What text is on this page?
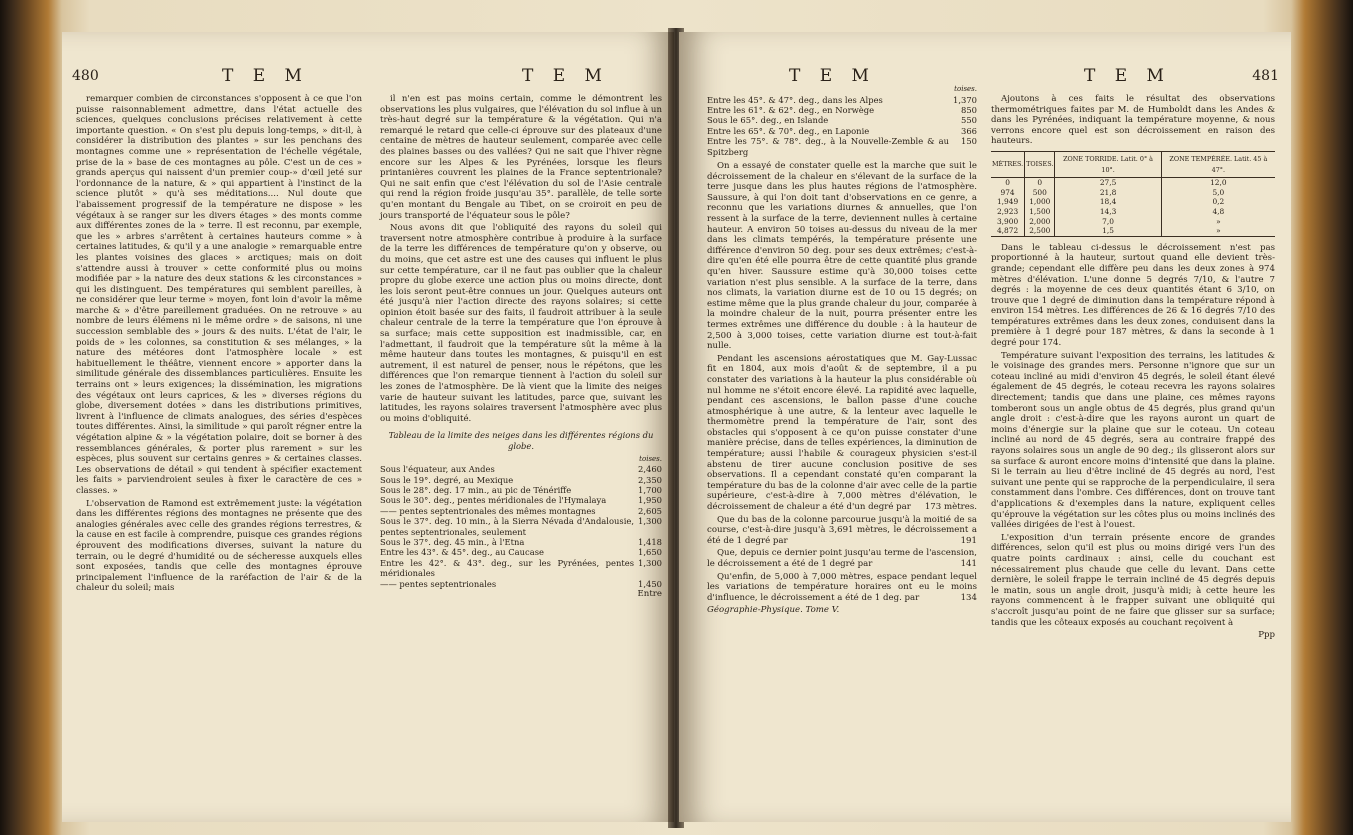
480	T E M	T E M

remarquer combien de circonstances s'opposent à ce que l'on puisse raisonnablement admettre, dans l'état actuelle des sciences, quelques conclusions précises relativement à cette importante question. « On s'est plu depuis long-temps, » dit-il, à considérer la distribution des plantes » sur les penchans des montagnes comme une » représentation de l'échelle végétale, prise de la » base de ces montagnes au pôle. C'est un de ces » grands aperçus qui naissent d'un premier coup-» d'œil jeté sur l'ordonnance de la nature, & » qui appartient à l'instinct de la science plutôt » qu'à ses méditations.... Nul doute que l'abaissement progressif de la température ne dispose » les végétaux à se ranger sur les divers étages » des monts comme aux différentes zones de la » terre. Il est reconnu, par exemple, que les » arbres s'arrêtent à certaines hauteurs comme » à certaines latitudes, & qu'il y a une analogie » remarquable entre les plantes voisines des glaces » arctiques; mais on doit s'attendre aussi à trouver » cette conformité plus ou moins modifiée par » la nature des deux stations & les circonstances » qui les distinguent. Des températures qui semblent pareilles, à ne considérer que leur terme » moyen, font loin d'avoir la même marche & » d'être pareillement graduées. On ne retrouve » au nombre de leurs élémens ni le même ordre » de saisons, ni une succession semblable des » jours & des nuits. L'état de l'air, le poids de » les colonnes, sa constitution & ses mélanges, » la nature des météores dont l'atmosphère locale » est habituellement le théâtre, viennent encore » apporter dans la similitude générale des dissemblances particulières. Ensuite les terrains ont » leurs exigences; la dissémination, les migrations des végétaux ont leurs caprices, & les » diverses régions du globe, diversement dotées » dans les distributions primitives, livrent à l'influence de climats analogues, des séries d'espèces toutes différentes. Ainsi, la similitude » qui paroît régner entre la végétation alpine & » la végétation polaire, doit se borner à des ressemblances générales, & porter plus rarement » sur les espèces, plus souvent sur certains genres » & certaines classes. Les observations de détail » qui tendent à spécifier exactement les faits » parviendroient seules à fixer le caractère de ces » classes. »

L'observation de Ramond est extrêmement juste: la végétation dans les différentes régions des montagnes ne présente que des analogies générales avec celle des grandes régions terrestres, & la cause en est facile à comprendre, puisque ces grandes régions éprouvent des modifications diverses, suivant la nature du terrain, ou le degré d'humidité ou de sécheresse auxquels elles sont exposées, tandis que celle des montagnes éprouve principalement l'influence de la raréfaction de l'air & de la chaleur du soleil; mais

il n'en est pas moins certain, comme le démontrent les observations les plus vulgaires, que l'élévation du sol influe à un très-haut degré sur la température & la végétation. Qui n'a remarqué le retard que celle-ci éprouve sur des plateaux d'une centaine de mètres de hauteur seulement, comparée avec celle des plaines basses ou des vallées? Qui ne sait que l'hiver règne encore sur les Alpes & les Pyrénées, lorsque les fleurs printanières couvrent les plaines de la France septentrionale? Qui ne sait enfin que c'est l'élévation du sol de l'Asie centrale qui rend la région froide jusqu'au 35°. parallèle, de telle sorte qu'en montant du Bengale au Tibet, on se croiroit en peu de jours transporté de l'équateur sous le pôle?

Nous avons dit que l'obliquité des rayons du soleil qui traversent notre atmosphère contribue à produire à la surface de la terre les différences de température qu'on y observe, ou du moins, que cet astre est une des causes qui influent le plus sur cette température, car il ne faut pas oublier que la chaleur propre du globe exerce une action plus ou moins directe, dont les lois seront peut-être connues un jour. Quelques auteurs ont été jusqu'à nier l'action directe des rayons solaires; si cette opinion étoit basée sur des faits, il faudroit attribuer à la seule chaleur centrale de la terre la température que l'on éprouve à sa surface; mais cette supposition est inadmissible, car, en l'admettant, il faudroit que la température sût la même à la même hauteur dans toutes les montagnes, & puisqu'il en est autrement, il est naturel de penser, nous le répétons, que les différences que l'on remarque tiennent à l'action du soleil sur les zones de l'atmosphère. De là vient que la limite des neiges varie de hauteur suivant les latitudes, parce que, suivant les latitudes, les rayons solaires traversent l'atmosphère avec plus ou moins d'obliquité.

Tableau de la limite des neiges dans les différentes régions du globe.
toises.
Sous l'équateur, aux Andes	2,460
Sous le 19°. degré, au Mexique	2,350
Sous le 28°. deg. 17 min., au pic de Ténériffe	1,700
Sous le 30°. deg., pentes méridionales de l'Hymalaya	1,950
—— pentes septentrionales des mêmes montagnes	2,605
Sous le 37°. deg. 10 min., à la Sierra Névada d'Andalousie, pentes septentrionales, seulement	1,300
Sous le 37°. deg. 45 min., à l'Etna	1,418
Entre les 43°. & 45°. deg., au Caucase	1,650
Entre les 42°. & 43°. deg., sur les Pyrénées, pentes méridionales	1,300
—— pentes septentrionales	1,450
Entre
T E M	T E M	481
toises.
Entre les 45°. & 47°. deg., dans les Alpes	1,370
Entre les 61°. & 62°. deg., en Norwège	850
Sous le 65°. deg., en Islande	550
Entre les 65°. & 70°. deg., en Laponie	366
Entre les 75°. & 78°. deg., à la Nouvelle-Zemble & au Spitzberg	150

On a essayé de constater quelle est la marche que suit le décroissement de la chaleur en s'élevant de la surface de la terre jusque dans les plus hautes régions de l'atmosphère. Saussure, à qui l'on doit tant d'observations en ce genre, a reconnu que les variations diurnes & annuelles, que l'on ressent à la surface de la terre, deviennent nulles à certaine hauteur. A environ 50 toises au-dessus du niveau de la mer dans les climats tempérés, la température présente une différence d'environ 50 deg. pour ses deux extrêmes; c'est-à-dire qu'en été elle pourra être de cette quantité plus grande qu'en hiver. Saussure estime qu'à 30,000 toises cette variation n'est plus sensible. A la surface de la terre, dans nos climats, la variation diurne est de 10 ou 15 degrés; on estime même que la plus grande chaleur du jour, comparée à la moindre chaleur de la nuit, pourra présenter entre les termes extrêmes une différence du double : à la hauteur de 2,500 à 3,000 toises, cette variation diurne est tout-à-fait nulle.

Pendant les ascensions aérostatiques que M. Gay-Lussac fit en 1804, aux mois d'août & de septembre, il a pu constater des variations à la hauteur la plus considérable où nul homme ne s'étoit encore élevé. La rapidité avec laquelle, pendant ces ascensions, le ballon passe d'une couche atmosphérique à une autre, & la lenteur avec laquelle le thermomètre prend la température de l'air, sont des obstacles qui s'opposent à ce qu'on puisse constater d'une manière précise, dans de telles expériences, la diminution de température; aussi l'habile & courageux physicien s'est-il abstenu de tirer aucune conclusion positive de ses observations. Il a cependant constaté qu'en comparant la température du bas de la colonne d'air avec celle de la partie supérieure, c'est-à-dire à 7,000 mètres d'élévation, le décroissement de chaleur a été d'un degré par	173 mètres.

Que du bas de la colonne parcourue jusqu'à la moitié de sa course, c'est-à-dire jusqu'à 3,691 mètres, le décroissement a été de 1 degré par	191

Que, depuis ce dernier point jusqu'au terme de l'ascension, le décroissement a été de 1 degré par	141

Qu'enfin, de 5,000 à 7,000 mètres, espace pendant lequel les variations de température horaires ont eu le moins d'influence, le décroissement a été de 1 deg. par	134

Géographie-Physique. Tome V.

Ajoutons à ces faits le résultat des observations thermométriques faites par M. de Humboldt dans les Andes & dans les Pyrénées, indiquant la température moyenne, & nous verrons encore quel est son décroissement en raison des hauteurs.

MÈTRES.	TOISES.	ZONE TORRIDE. Latit. 0° à 10°.	ZONE TEMPÉRÉE. Latit. 45 à 47°.
0	0	27,5	12,0
974	500	21,8	5,0
1,949	1,000	18,4	0,2
2,923	1,500	14,3	4,8
3,900	2,000	7,0	»
4,872	2,500	1,5	»

Dans le tableau ci-dessus le décroissement n'est pas proportionné à la hauteur, surtout quand elle devient très-grande; cependant elle diffère peu dans les deux zones à 974 mètres d'élévation. L'une donne 5 degrés 7/10, & l'autre 7 degrés : la moyenne de ces deux quantités étant 6 3/10, on trouve que 1 degré de diminution dans la température répond à environ 154 mètres. Les différences de 26 & 16 degrés 7/10 des températures extrêmes dans les deux zones, conduisent dans la première à 1 degré pour 187 mètres, & dans la seconde à 1 degré pour 174.

Température suivant l'exposition des terrains, les latitudes & le voisinage des grandes mers. Personne n'ignore que sur un coteau incliné au midi d'environ 45 degrés, le soleil étant élevé également de 45 degrés, le coteau recevra les rayons solaires directement; tandis que dans une plaine, ces mêmes rayons tomberont sous un angle obtus de 45 degrés, plus grand qu'un angle droit : c'est-à-dire que les rayons auront un quart de moins d'énergie sur la plaine que sur le coteau. Un coteau incliné au nord de 45 degrés, sera au contraire frappé des rayons solaires sous un angle de 90 deg.; ils glisseront alors sur sa surface & auront encore moins d'intensité que dans la plaine. Si le terrain au lieu d'être incliné de 45 degrés au nord, l'est suivant une pente qui se rapproche de la perpendiculaire, il sera constamment dans l'ombre. Ces différences, dont on trouve tant d'applications & d'exemples dans la nature, expliquent celles qu'éprouve la végétation sur les côtes plus ou moins inclinés des vallées dirigées de l'est à l'ouest.

L'exposition d'un terrain présente encore de grandes différences, selon qu'il est plus ou moins dirigé vers l'un des quatre points cardinaux : ainsi, celle du couchant est nécessairement plus chaude que celle du levant. Dans cette dernière, le soleil frappe le terrain incliné de 45 degrés depuis le matin, sous un angle droit, jusqu'à midi; à cette heure les rayons commencent à le frapper suivant une obliquité qui s'accroît jusqu'au point de ne faire que glisser sur sa surface; tandis que les côteaux exposés au couchant reçoivent à

Ppp
